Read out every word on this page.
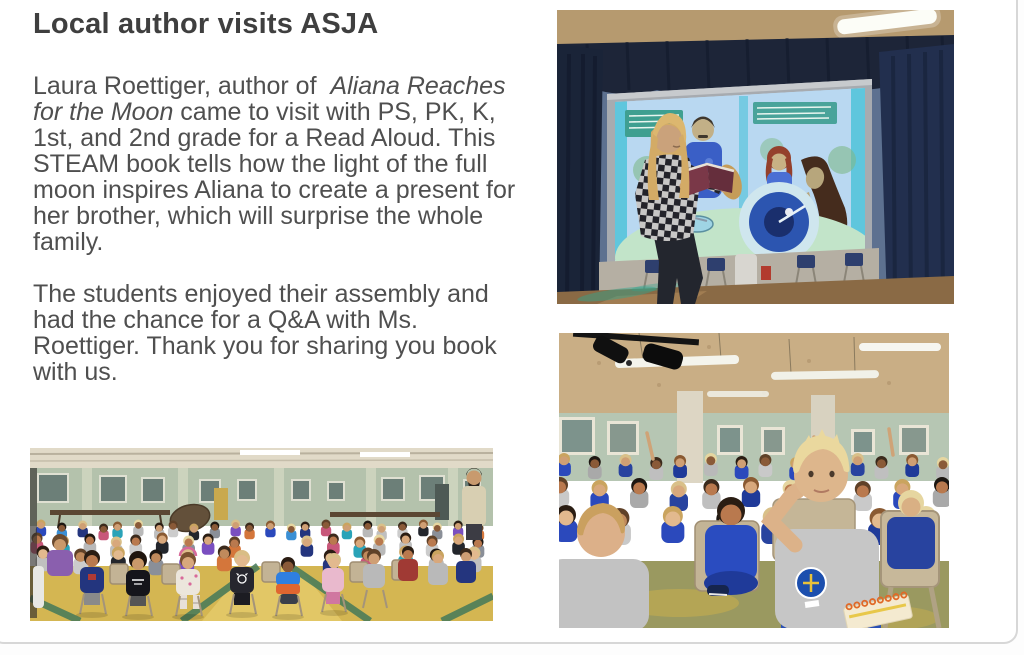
Local author visits ASJA

Laura Roettiger, author of  Aliana Reaches
for the Moon came to visit with PS, PK, K,
1st, and 2nd grade for a Read Aloud. This
STEAM book tells how the light of the full
moon inspires Aliana to create a present for
her brother, which will surprise the whole
family.

The students enjoyed their assembly and
had the chance for a Q&A with Ms.
Roettiger. Thank you for sharing you book
with us.
